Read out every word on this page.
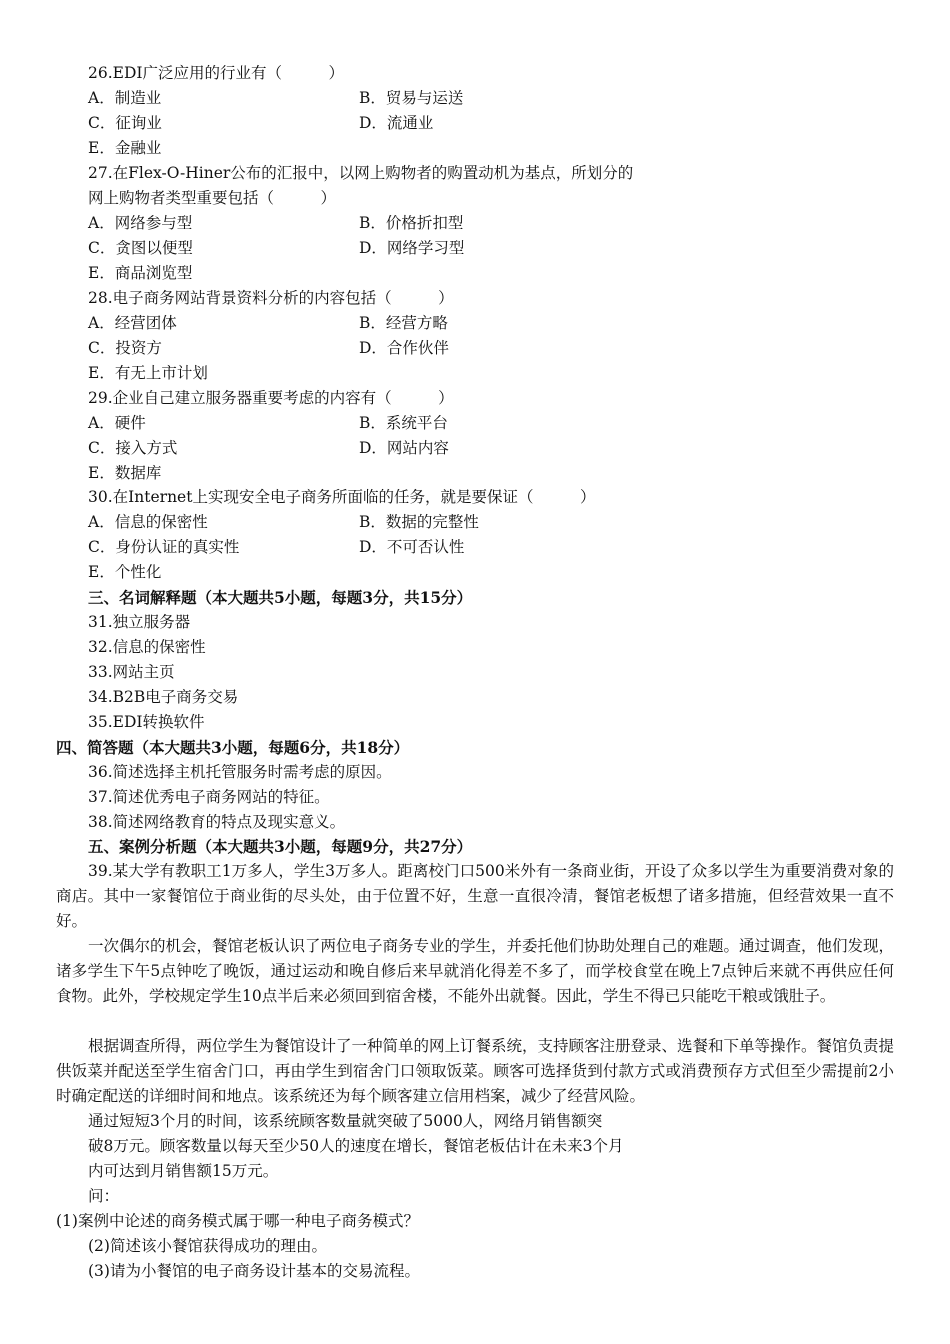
26.EDI广泛应用的行业有（　　　）
A．制造业	B．贸易与运送
C．征询业	D．流通业
E．金融业
27.在Flex-O-Hiner公布的汇报中，以网上购物者的购置动机为基点，所划分的
网上购物者类型重要包括（　　　）
A．网络参与型	B．价格折扣型
C．贪图以便型	D．网络学习型
E．商品浏览型
28.电子商务网站背景资料分析的内容包括（　　　）
A．经营团体	B．经营方略
C．投资方	D．合作伙伴
E．有无上市计划
29.企业自己建立服务器重要考虑的内容有（　　　）
A．硬件	B．系统平台
C．接入方式	D．网站内容
E．数据库
30.在Internet上实现安全电子商务所面临的任务，就是要保证（　　　）
A．信息的保密性	B．数据的完整性
C．身份认证的真实性	D．不可否认性
E．个性化
三、名词解释题（本大题共5小题，每题3分，共15分）
31.独立服务器
32.信息的保密性
33.网站主页
34.B2B电子商务交易
35.EDI转换软件
四、简答题（本大题共3小题，每题6分，共18分）
36.简述选择主机托管服务时需考虑的原因。
37.简述优秀电子商务网站的特征。
38.简述网络教育的特点及现实意义。
五、案例分析题（本大题共3小题，每题9分，共27分）
39.某大学有教职工1万多人，学生3万多人。距离校门口500米外有一条商业街，开设了众多以学生为重要消费对象的商店。其中一家餐馆位于商业街的尽头处，由于位置不好，生意一直很冷清，餐馆老板想了诸多措施，但经营效果一直不好。
一次偶尔的机会，餐馆老板认识了两位电子商务专业的学生，并委托他们协助处理自己的难题。通过调查，他们发现，诸多学生下午5点钟吃了晚饭，通过运动和晚自修后来早就消化得差不多了，而学校食堂在晚上7点钟后来就不再供应任何食物。此外，学校规定学生10点半后来必须回到宿舍楼，不能外出就餐。因此，学生不得已只能吃干粮或饿肚子。
根据调查所得，两位学生为餐馆设计了一种简单的网上订餐系统，支持顾客注册登录、选餐和下单等操作。餐馆负责提供饭菜并配送至学生宿舍门口，再由学生到宿舍门口领取饭菜。顾客可选择货到付款方式或消费预存方式但至少需提前2小时确定配送的详细时间和地点。该系统还为每个顾客建立信用档案，减少了经营风险。
通过短短3个月的时间，该系统顾客数量就突破了5000人，网络月销售额突
破8万元。顾客数量以每天至少50人的速度在增长，餐馆老板估计在未来3个月
内可达到月销售额15万元。
问：
(1)案例中论述的商务模式属于哪一种电子商务模式？
(2)简述该小餐馆获得成功的理由。
(3)请为小餐馆的电子商务设计基本的交易流程。
